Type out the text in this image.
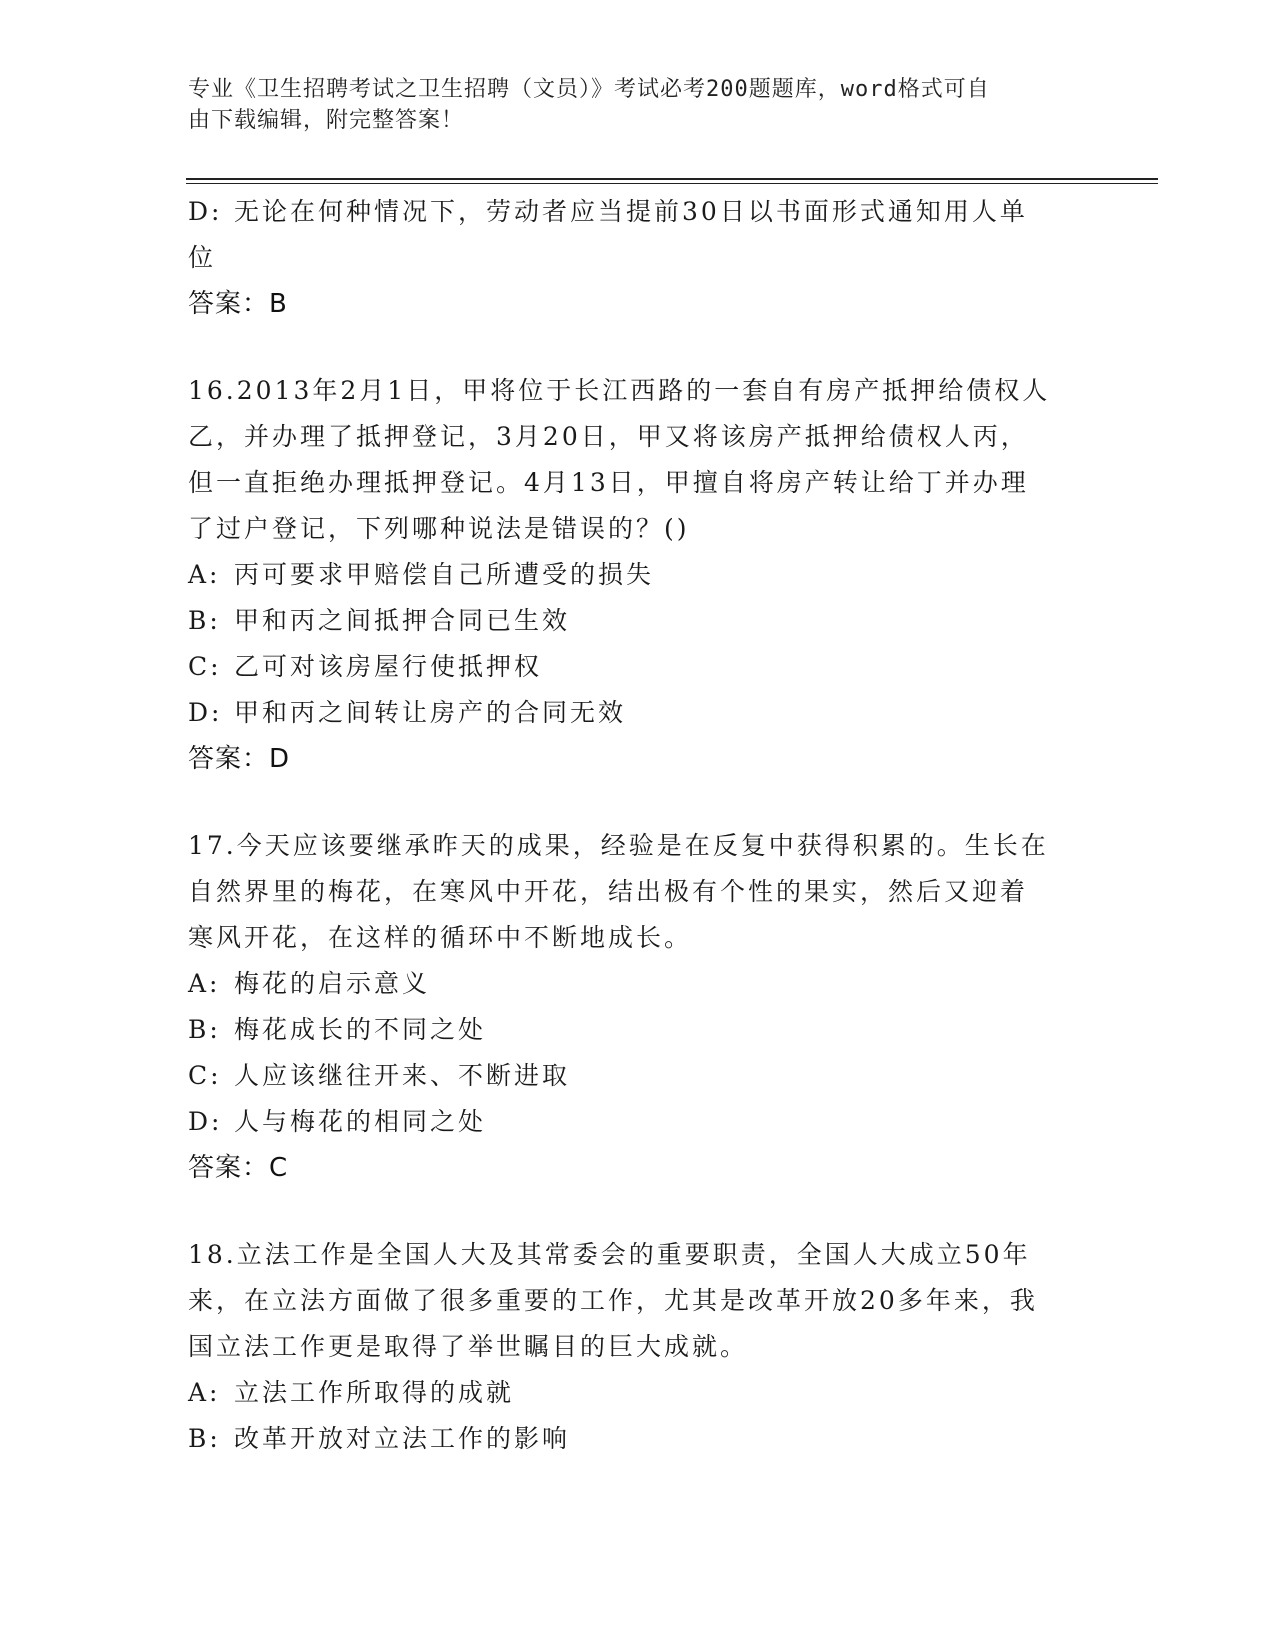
专业《卫生招聘考试之卫生招聘（文员）》考试必考200题题库，word格式可自
由下载编辑，附完整答案！
D: 无论在何种情况下，劳动者应当提前30日以书面形式通知用人单
位
答案：B
16.2013年2月1日，甲将位于长江西路的一套自有房产抵押给债权人
乙，并办理了抵押登记，3月20日，甲又将该房产抵押给债权人丙，
但一直拒绝办理抵押登记。4月13日，甲擅自将房产转让给丁并办理
了过户登记，下列哪种说法是错误的？()
A: 丙可要求甲赔偿自己所遭受的损失
B: 甲和丙之间抵押合同已生效
C: 乙可对该房屋行使抵押权
D: 甲和丙之间转让房产的合同无效
答案：D
17.今天应该要继承昨天的成果，经验是在反复中获得积累的。生长在
自然界里的梅花，在寒风中开花，结出极有个性的果实，然后又迎着
寒风开花，在这样的循环中不断地成长。
A: 梅花的启示意义
B: 梅花成长的不同之处
C: 人应该继往开来、不断进取
D: 人与梅花的相同之处
答案：C
18.立法工作是全国人大及其常委会的重要职责，全国人大成立50年
来，在立法方面做了很多重要的工作，尤其是改革开放20多年来，我
国立法工作更是取得了举世瞩目的巨大成就。
A: 立法工作所取得的成就
B: 改革开放对立法工作的影响
